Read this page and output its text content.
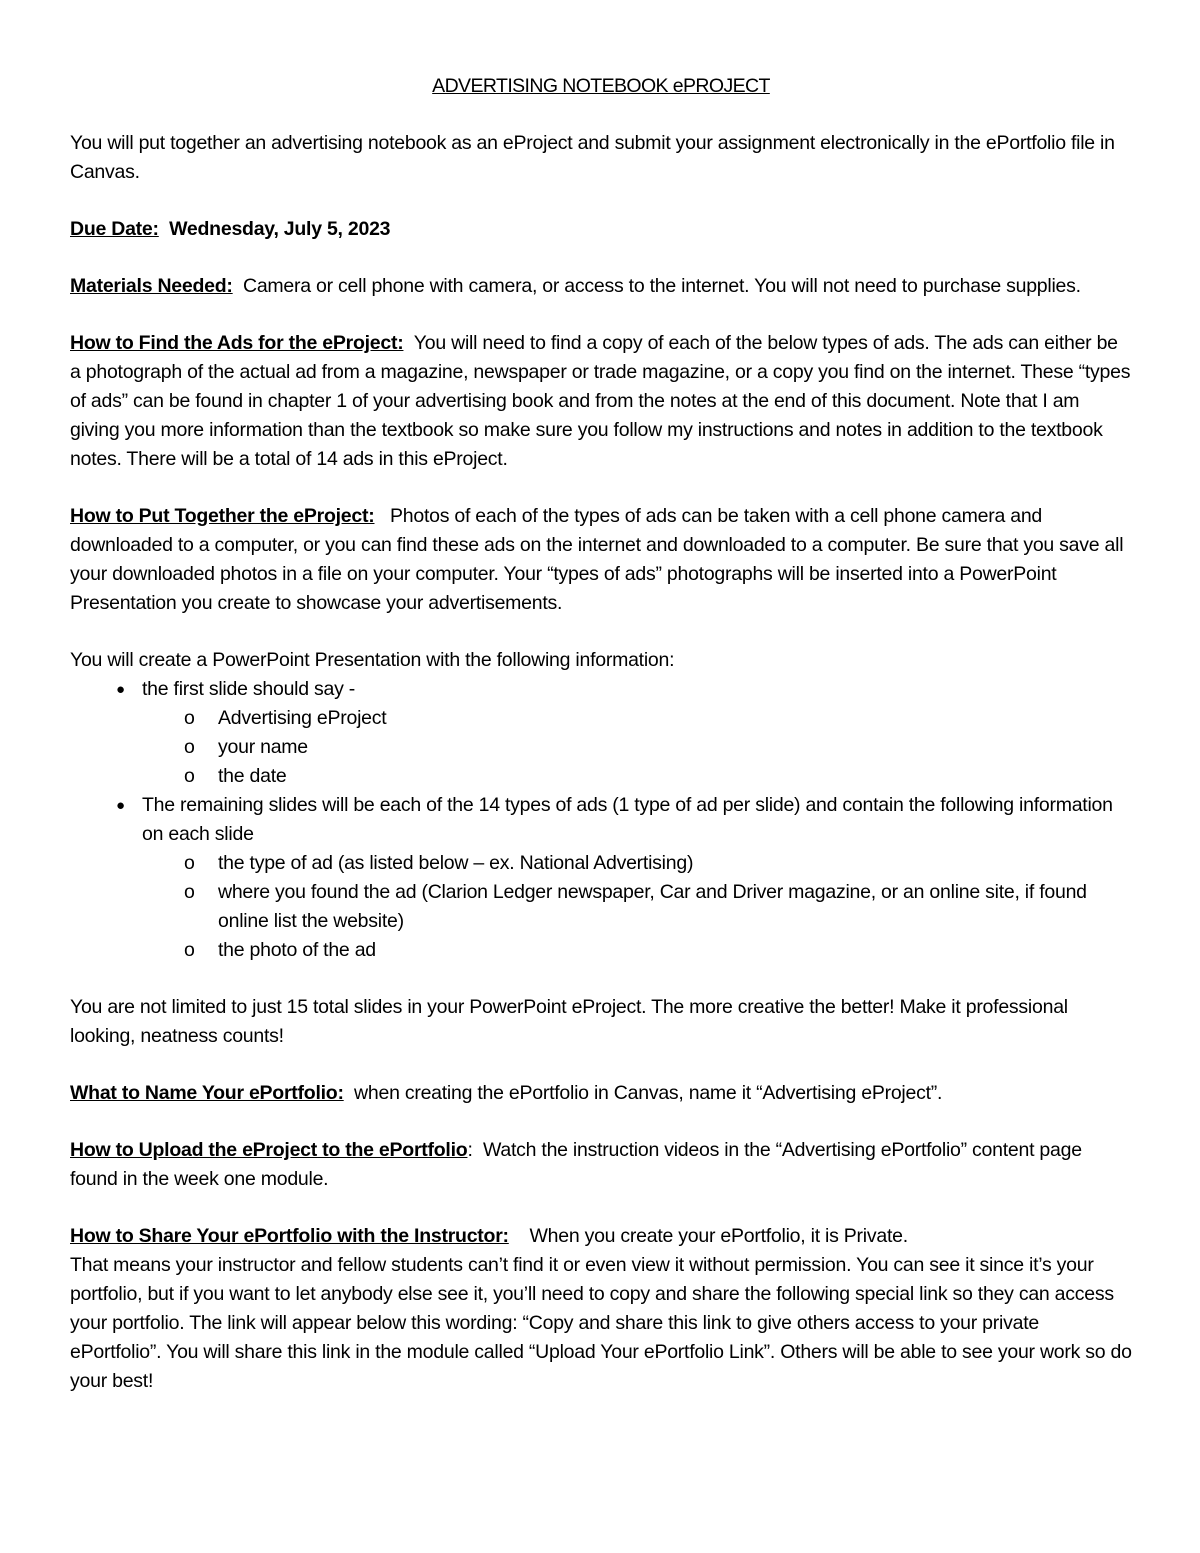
ADVERTISING NOTEBOOK ePROJECT

You will put together an advertising notebook as an eProject and submit your assignment electronically in the ePortfolio file in Canvas.

Due Date: Wednesday, July 5, 2023

Materials Needed: Camera or cell phone with camera, or access to the internet. You will not need to purchase supplies.

How to Find the Ads for the eProject: You will need to find a copy of each of the below types of ads. The ads can either be a photograph of the actual ad from a magazine, newspaper or trade magazine, or a copy you find on the internet. These “types of ads” can be found in chapter 1 of your advertising book and from the notes at the end of this document. Note that I am giving you more information than the textbook so make sure you follow my instructions and notes in addition to the textbook notes. There will be a total of 14 ads in this eProject.

How to Put Together the eProject: Photos of each of the types of ads can be taken with a cell phone camera and downloaded to a computer, or you can find these ads on the internet and downloaded to a computer. Be sure that you save all your downloaded photos in a file on your computer. Your “types of ads” photographs will be inserted into a PowerPoint Presentation you create to showcase your advertisements.

You will create a PowerPoint Presentation with the following information:
● the first slide should say -
o Advertising eProject
o your name
o the date
● The remaining slides will be each of the 14 types of ads (1 type of ad per slide) and contain the following information on each slide
o the type of ad (as listed below – ex. National Advertising)
o where you found the ad (Clarion Ledger newspaper, Car and Driver magazine, or an online site, if found online list the website)
o the photo of the ad

You are not limited to just 15 total slides in your PowerPoint eProject. The more creative the better! Make it professional looking, neatness counts!

What to Name Your ePortfolio: when creating the ePortfolio in Canvas, name it “Advertising eProject”.

How to Upload the eProject to the ePortfolio: Watch the instruction videos in the “Advertising ePortfolio” content page found in the week one module.

How to Share Your ePortfolio with the Instructor: When you create your ePortfolio, it is Private.
That means your instructor and fellow students can’t find it or even view it without permission. You can see it since it’s your portfolio, but if you want to let anybody else see it, you’ll need to copy and share the following special link so they can access your portfolio. The link will appear below this wording: “Copy and share this link to give others access to your private ePortfolio”. You will share this link in the module called “Upload Your ePortfolio Link”. Others will be able to see your work so do your best!
